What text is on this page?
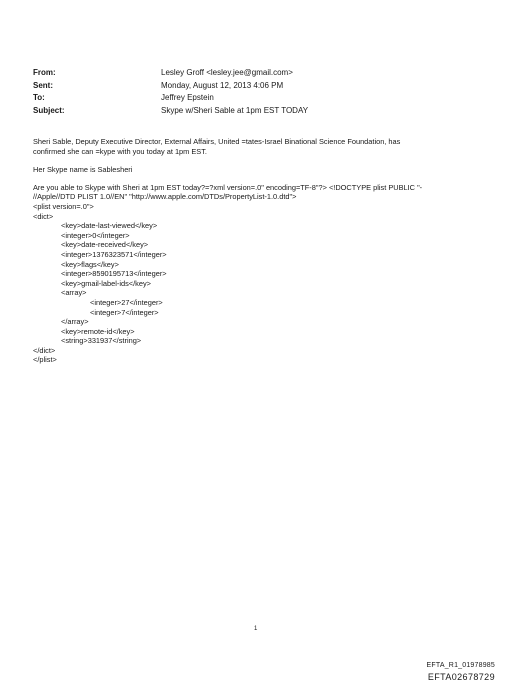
From:	Lesley Groff <lesley.jee@gmail.com>
Sent:	Monday, August 12, 2013 4:06 PM
To:	Jeffrey Epstein
Subject:	Skype w/Sheri Sable at 1pm EST TODAY
Sheri Sable, Deputy Executive Director, External Affairs, United =tates-Israel Binational Science Foundation, has
confirmed she can =kype with you today at 1pm EST.
Her Skype name is Sablesheri
Are you able to Skype with Sheri at 1pm EST today?=?xml version=.0" encoding=TF-8"?> <!DOCTYPE plist PUBLIC "-
//Apple//DTD PLIST 1.0//EN" "http://www.apple.com/DTDs/PropertyList-1.0.dtd">
<plist version=.0">
<dict>
<key>date-last-viewed</key>
<integer>0</integer>
<key>date-received</key>
<integer>1376323571</integer>
<key>flags</key>
<integer>8590195713</integer>
<key>gmail-label-ids</key>
<array>
<integer>27</integer>
<integer>7</integer>
</array>
<key>remote-id</key>
<string>331937</string>
</dict>
</plist>
1
EFTA_R1_01978985
EFTA02678729
